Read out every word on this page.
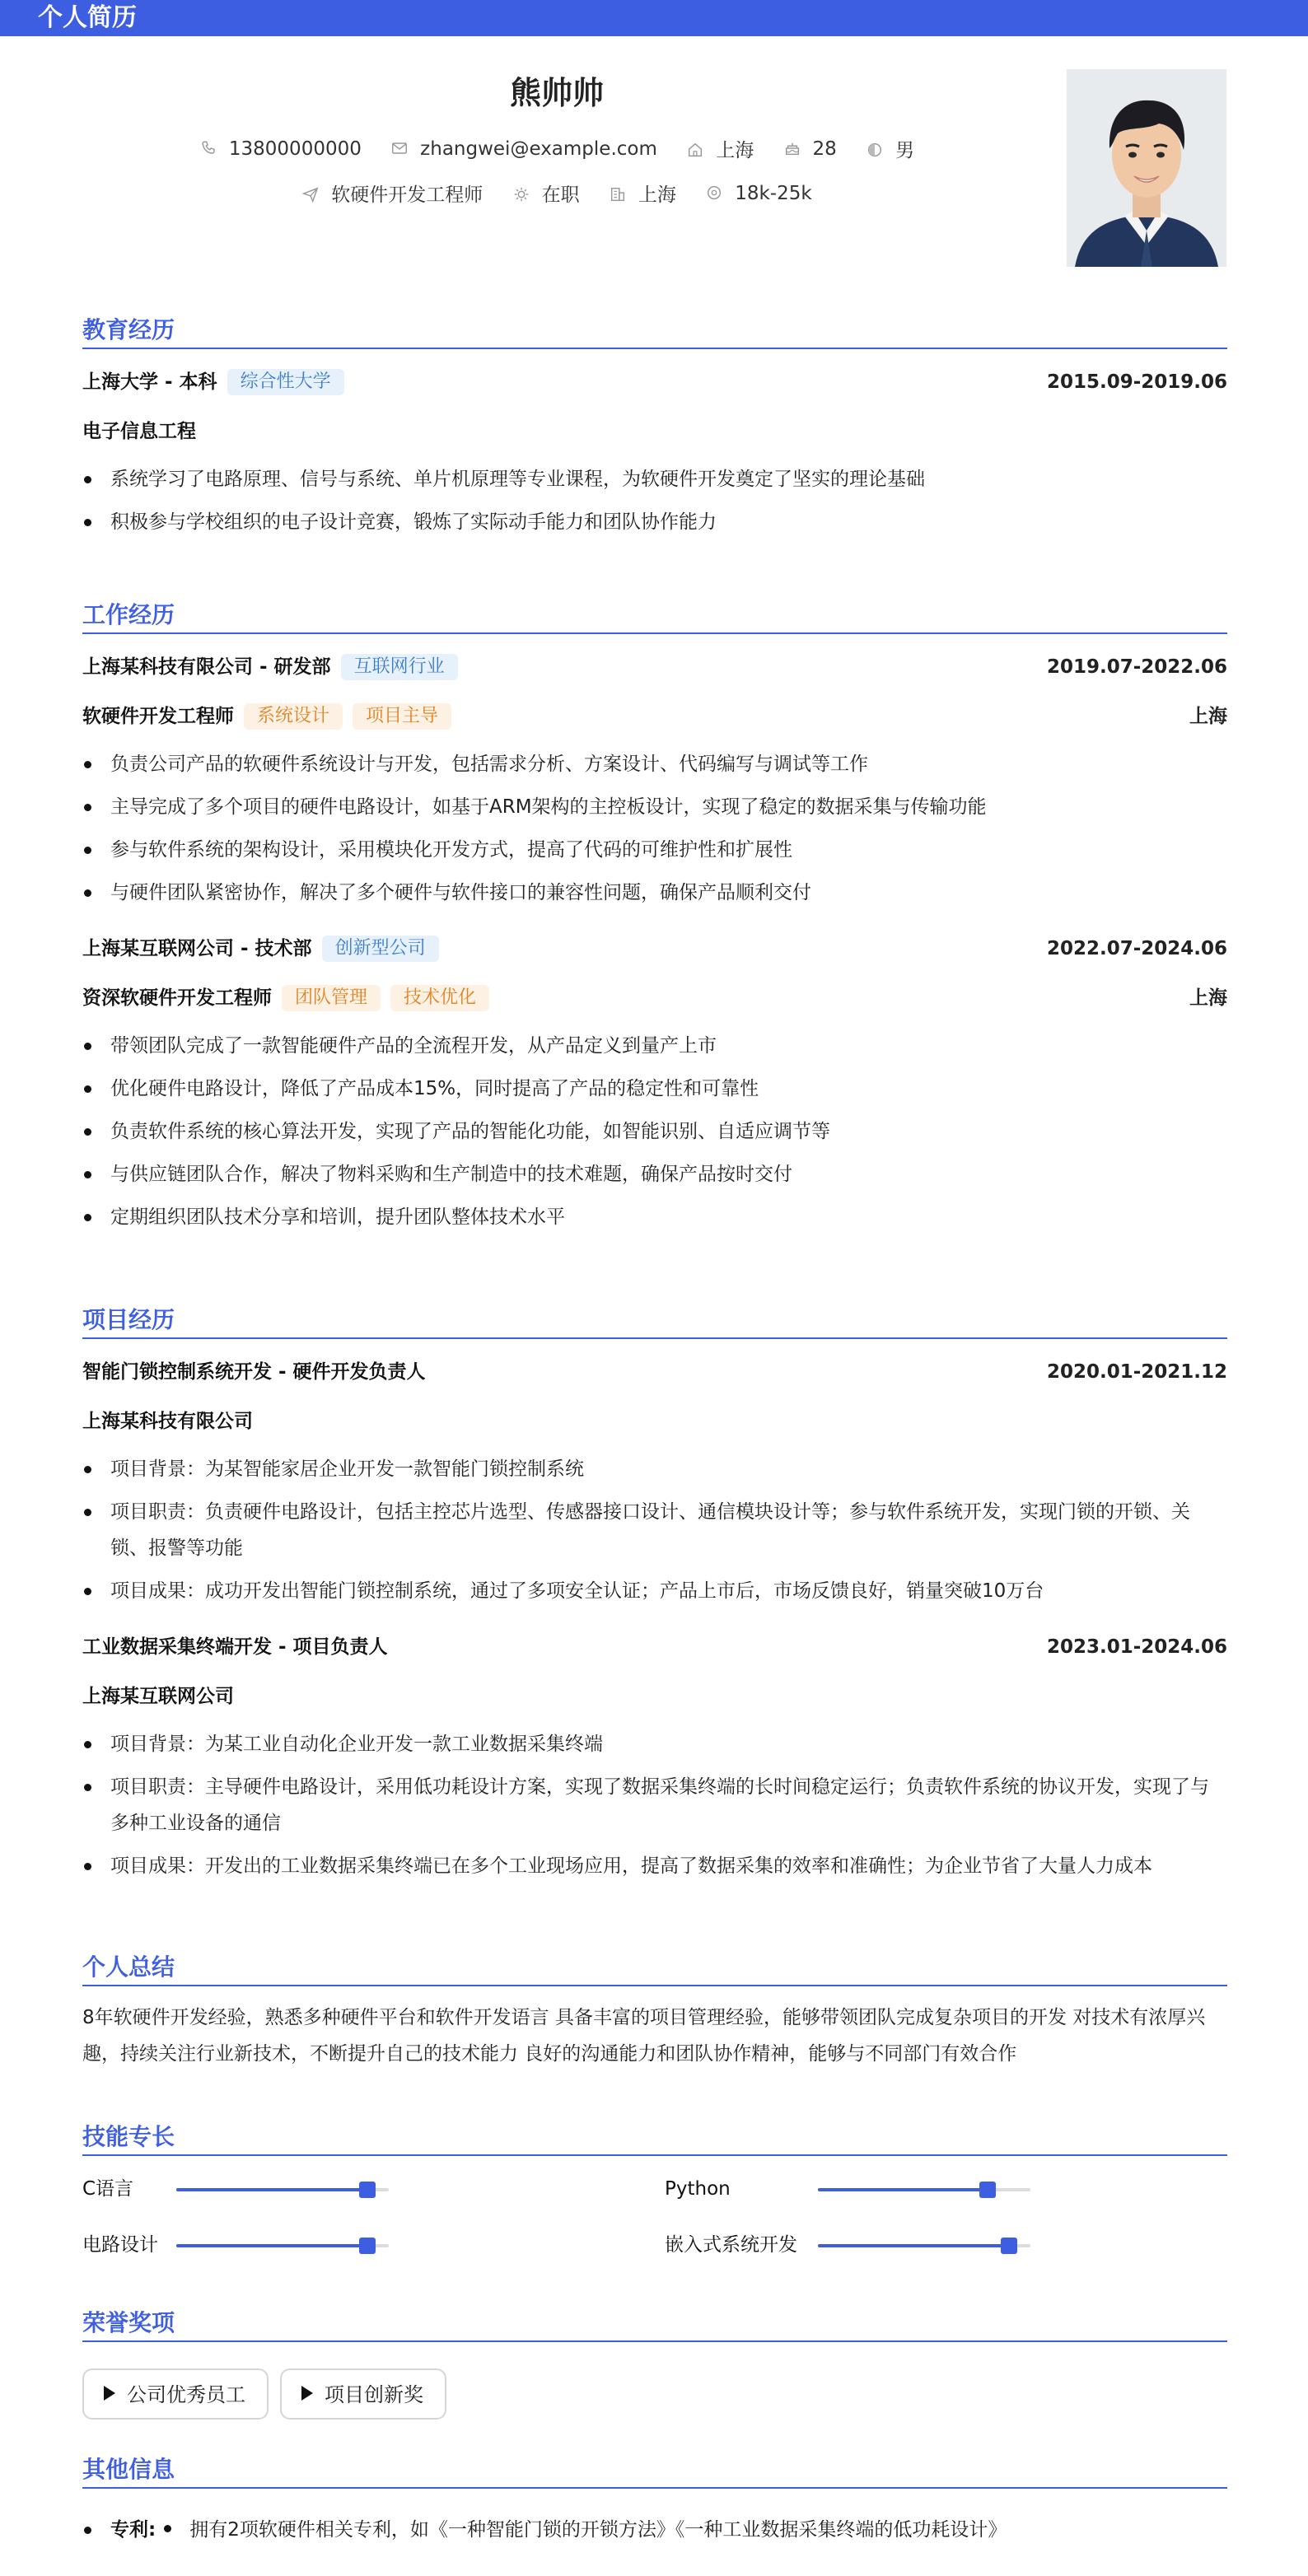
个人简历
熊帅帅
13800000000	zhangwei@example.com	上海	28	男
软硬件开发工程师	在职	上海	18k-25k
教育经历
上海大学 - 本科 综合性大学	2015.09-2019.06
电子信息工程
系统学习了电路原理、信号与系统、单片机原理等专业课程，为软硬件开发奠定了坚实的理论基础
积极参与学校组织的电子设计竞赛，锻炼了实际动手能力和团队协作能力
工作经历
上海某科技有限公司 - 研发部 互联网行业	2019.07-2022.06
软硬件开发工程师 系统设计 项目主导	上海
负责公司产品的软硬件系统设计与开发，包括需求分析、方案设计、代码编写与调试等工作
主导完成了多个项目的硬件电路设计，如基于ARM架构的主控板设计，实现了稳定的数据采集与传输功能
参与软件系统的架构设计，采用模块化开发方式，提高了代码的可维护性和扩展性
与硬件团队紧密协作，解决了多个硬件与软件接口的兼容性问题，确保产品顺利交付
上海某互联网公司 - 技术部 创新型公司	2022.07-2024.06
资深软硬件开发工程师 团队管理 技术优化	上海
带领团队完成了一款智能硬件产品的全流程开发，从产品定义到量产上市
优化硬件电路设计，降低了产品成本15%，同时提高了产品的稳定性和可靠性
负责软件系统的核心算法开发，实现了产品的智能化功能，如智能识别、自适应调节等
与供应链团队合作，解决了物料采购和生产制造中的技术难题，确保产品按时交付
定期组织团队技术分享和培训，提升团队整体技术水平
项目经历
智能门锁控制系统开发 - 硬件开发负责人	2020.01-2021.12
上海某科技有限公司
项目背景：为某智能家居企业开发一款智能门锁控制系统
项目职责：负责硬件电路设计，包括主控芯片选型、传感器接口设计、通信模块设计等；参与软件系统开发，实现门锁的开锁、关锁、报警等功能
项目成果：成功开发出智能门锁控制系统，通过了多项安全认证；产品上市后，市场反馈良好，销量突破10万台
工业数据采集终端开发 - 项目负责人	2023.01-2024.06
上海某互联网公司
项目背景：为某工业自动化企业开发一款工业数据采集终端
项目职责：主导硬件电路设计，采用低功耗设计方案，实现了数据采集终端的长时间稳定运行；负责软件系统的协议开发，实现了与多种工业设备的通信
项目成果：开发出的工业数据采集终端已在多个工业现场应用，提高了数据采集的效率和准确性；为企业节省了大量人力成本
个人总结
8年软硬件开发经验，熟悉多种硬件平台和软件开发语言 具备丰富的项目管理经验，能够带领团队完成复杂项目的开发 对技术有浓厚兴趣，持续关注行业新技术，不断提升自己的技术能力 良好的沟通能力和团队协作精神，能够与不同部门有效合作
技能专长
C语言	Python
电路设计	嵌入式系统开发
荣誉奖项
公司优秀员工	项目创新奖
其他信息
专利: 拥有2项软硬件相关专利，如《一种智能门锁的开锁方法》《一种工业数据采集终端的低功耗设计》
